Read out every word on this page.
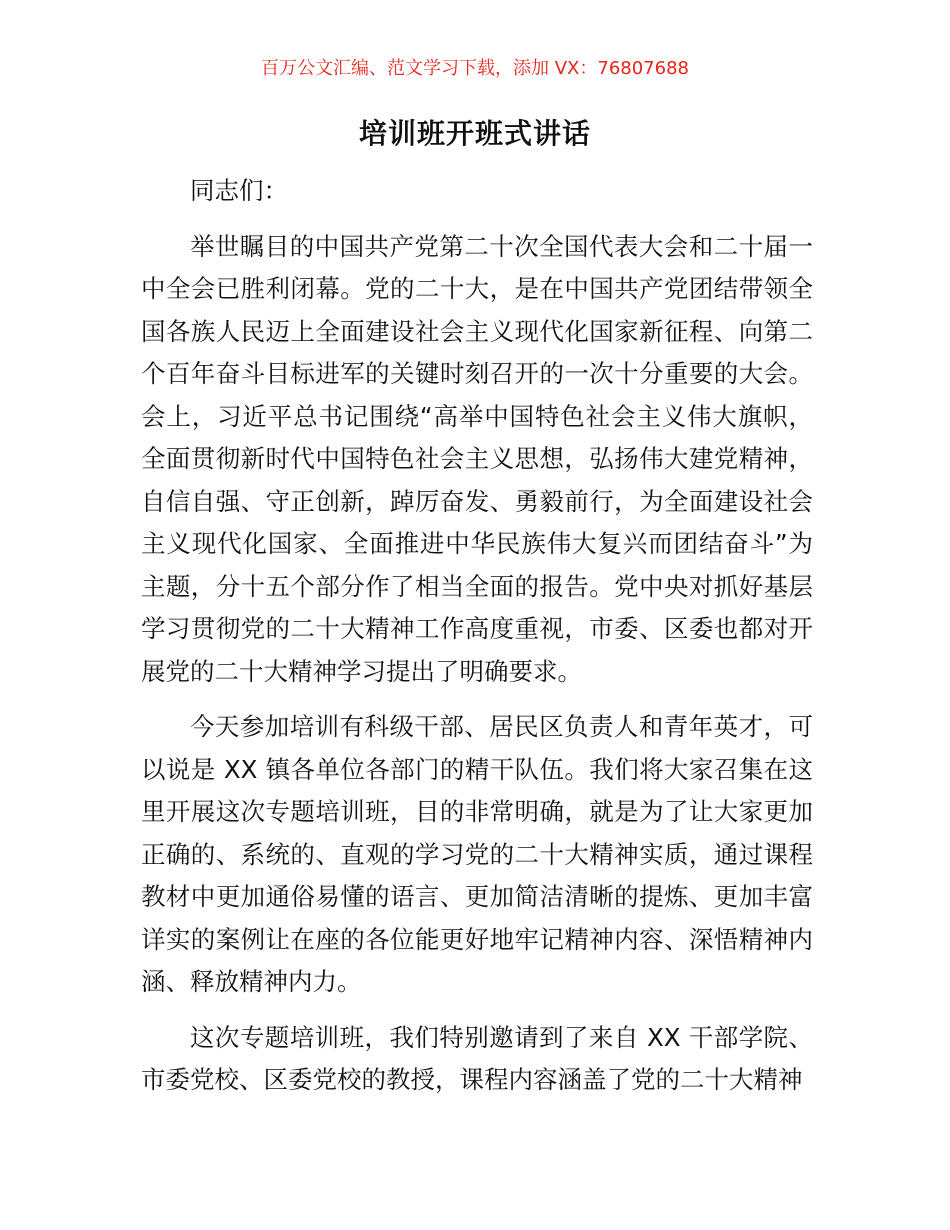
百万公文汇编、范文学习下载，添加 VX：76807688
培训班开班式讲话

同志们：

举世瞩目的中国共产党第二十次全国代表大会和二十届一中全会已胜利闭幕。党的二十大，是在中国共产党团结带领全国各族人民迈上全面建设社会主义现代化国家新征程、向第二个百年奋斗目标进军的关键时刻召开的一次十分重要的大会。会上，习近平总书记围绕“高举中国特色社会主义伟大旗帜，全面贯彻新时代中国特色社会主义思想，弘扬伟大建党精神，自信自强、守正创新，踔厉奋发、勇毅前行，为全面建设社会主义现代化国家、全面推进中华民族伟大复兴而团结奋斗”为主题，分十五个部分作了相当全面的报告。党中央对抓好基层学习贯彻党的二十大精神工作高度重视，市委、区委也都对开展党的二十大精神学习提出了明确要求。

今天参加培训有科级干部、居民区负责人和青年英才，可以说是 XX 镇各单位各部门的精干队伍。我们将大家召集在这里开展这次专题培训班，目的非常明确，就是为了让大家更加正确的、系统的、直观的学习党的二十大精神实质，通过课程教材中更加通俗易懂的语言、更加简洁清晰的提炼、更加丰富详实的案例让在座的各位能更好地牢记精神内容、深悟精神内涵、释放精神内力。

这次专题培训班，我们特别邀请到了来自 XX 干部学院、市委党校、区委党校的教授，课程内容涵盖了党的二十大精神
